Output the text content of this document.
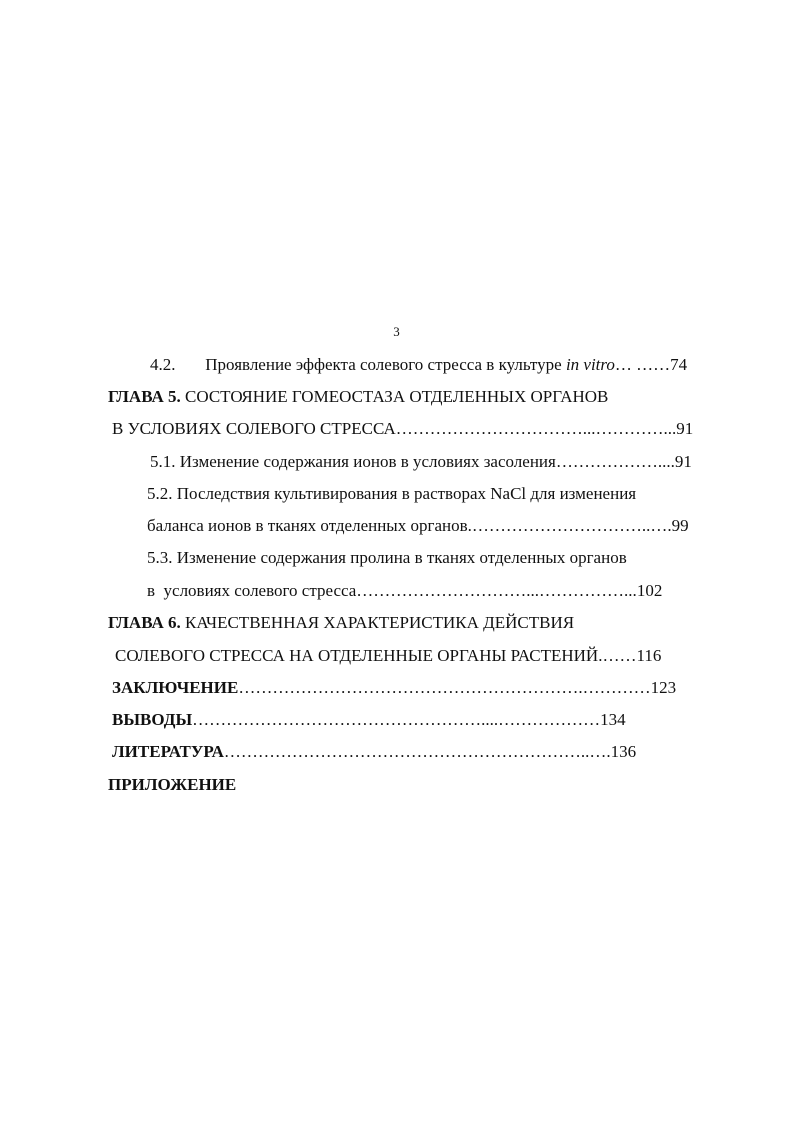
3
4.2.       Проявление эффекта солевого стресса в культуре in vitro… ……74
ГЛАВА 5. СОСТОЯНИЕ ГОМЕОСТАЗА ОТДЕЛЕННЫХ ОРГАНОВ
В УСЛОВИЯХ СОЛЕВОГО СТРЕССА……………………………...…………...91
5.1. Изменение содержания ионов в условиях засоления………………....91
5.2. Последствия культивирования в растворах NaCl для изменения
баланса ионов в тканях отделенных органов.…………………………..….99
5.3. Изменение содержания пролина в тканях отделенных органов
в  условиях солевого стресса…………………………...……………...102
ГЛАВА 6. КАЧЕСТВЕННАЯ ХАРАКТЕРИСТИКА ДЕЙСТВИЯ
СОЛЕВОГО СТРЕССА НА ОТДЕЛЕННЫЕ ОРГАНЫ РАСТЕНИЙ.……116
ЗАКЛЮЧЕНИЕ…………………………………………………….…………123
ВЫВОДЫ……………………………………………....………………134
ЛИТЕРАТУРА………………………………………………………..….136
ПРИЛОЖЕНИЕ
